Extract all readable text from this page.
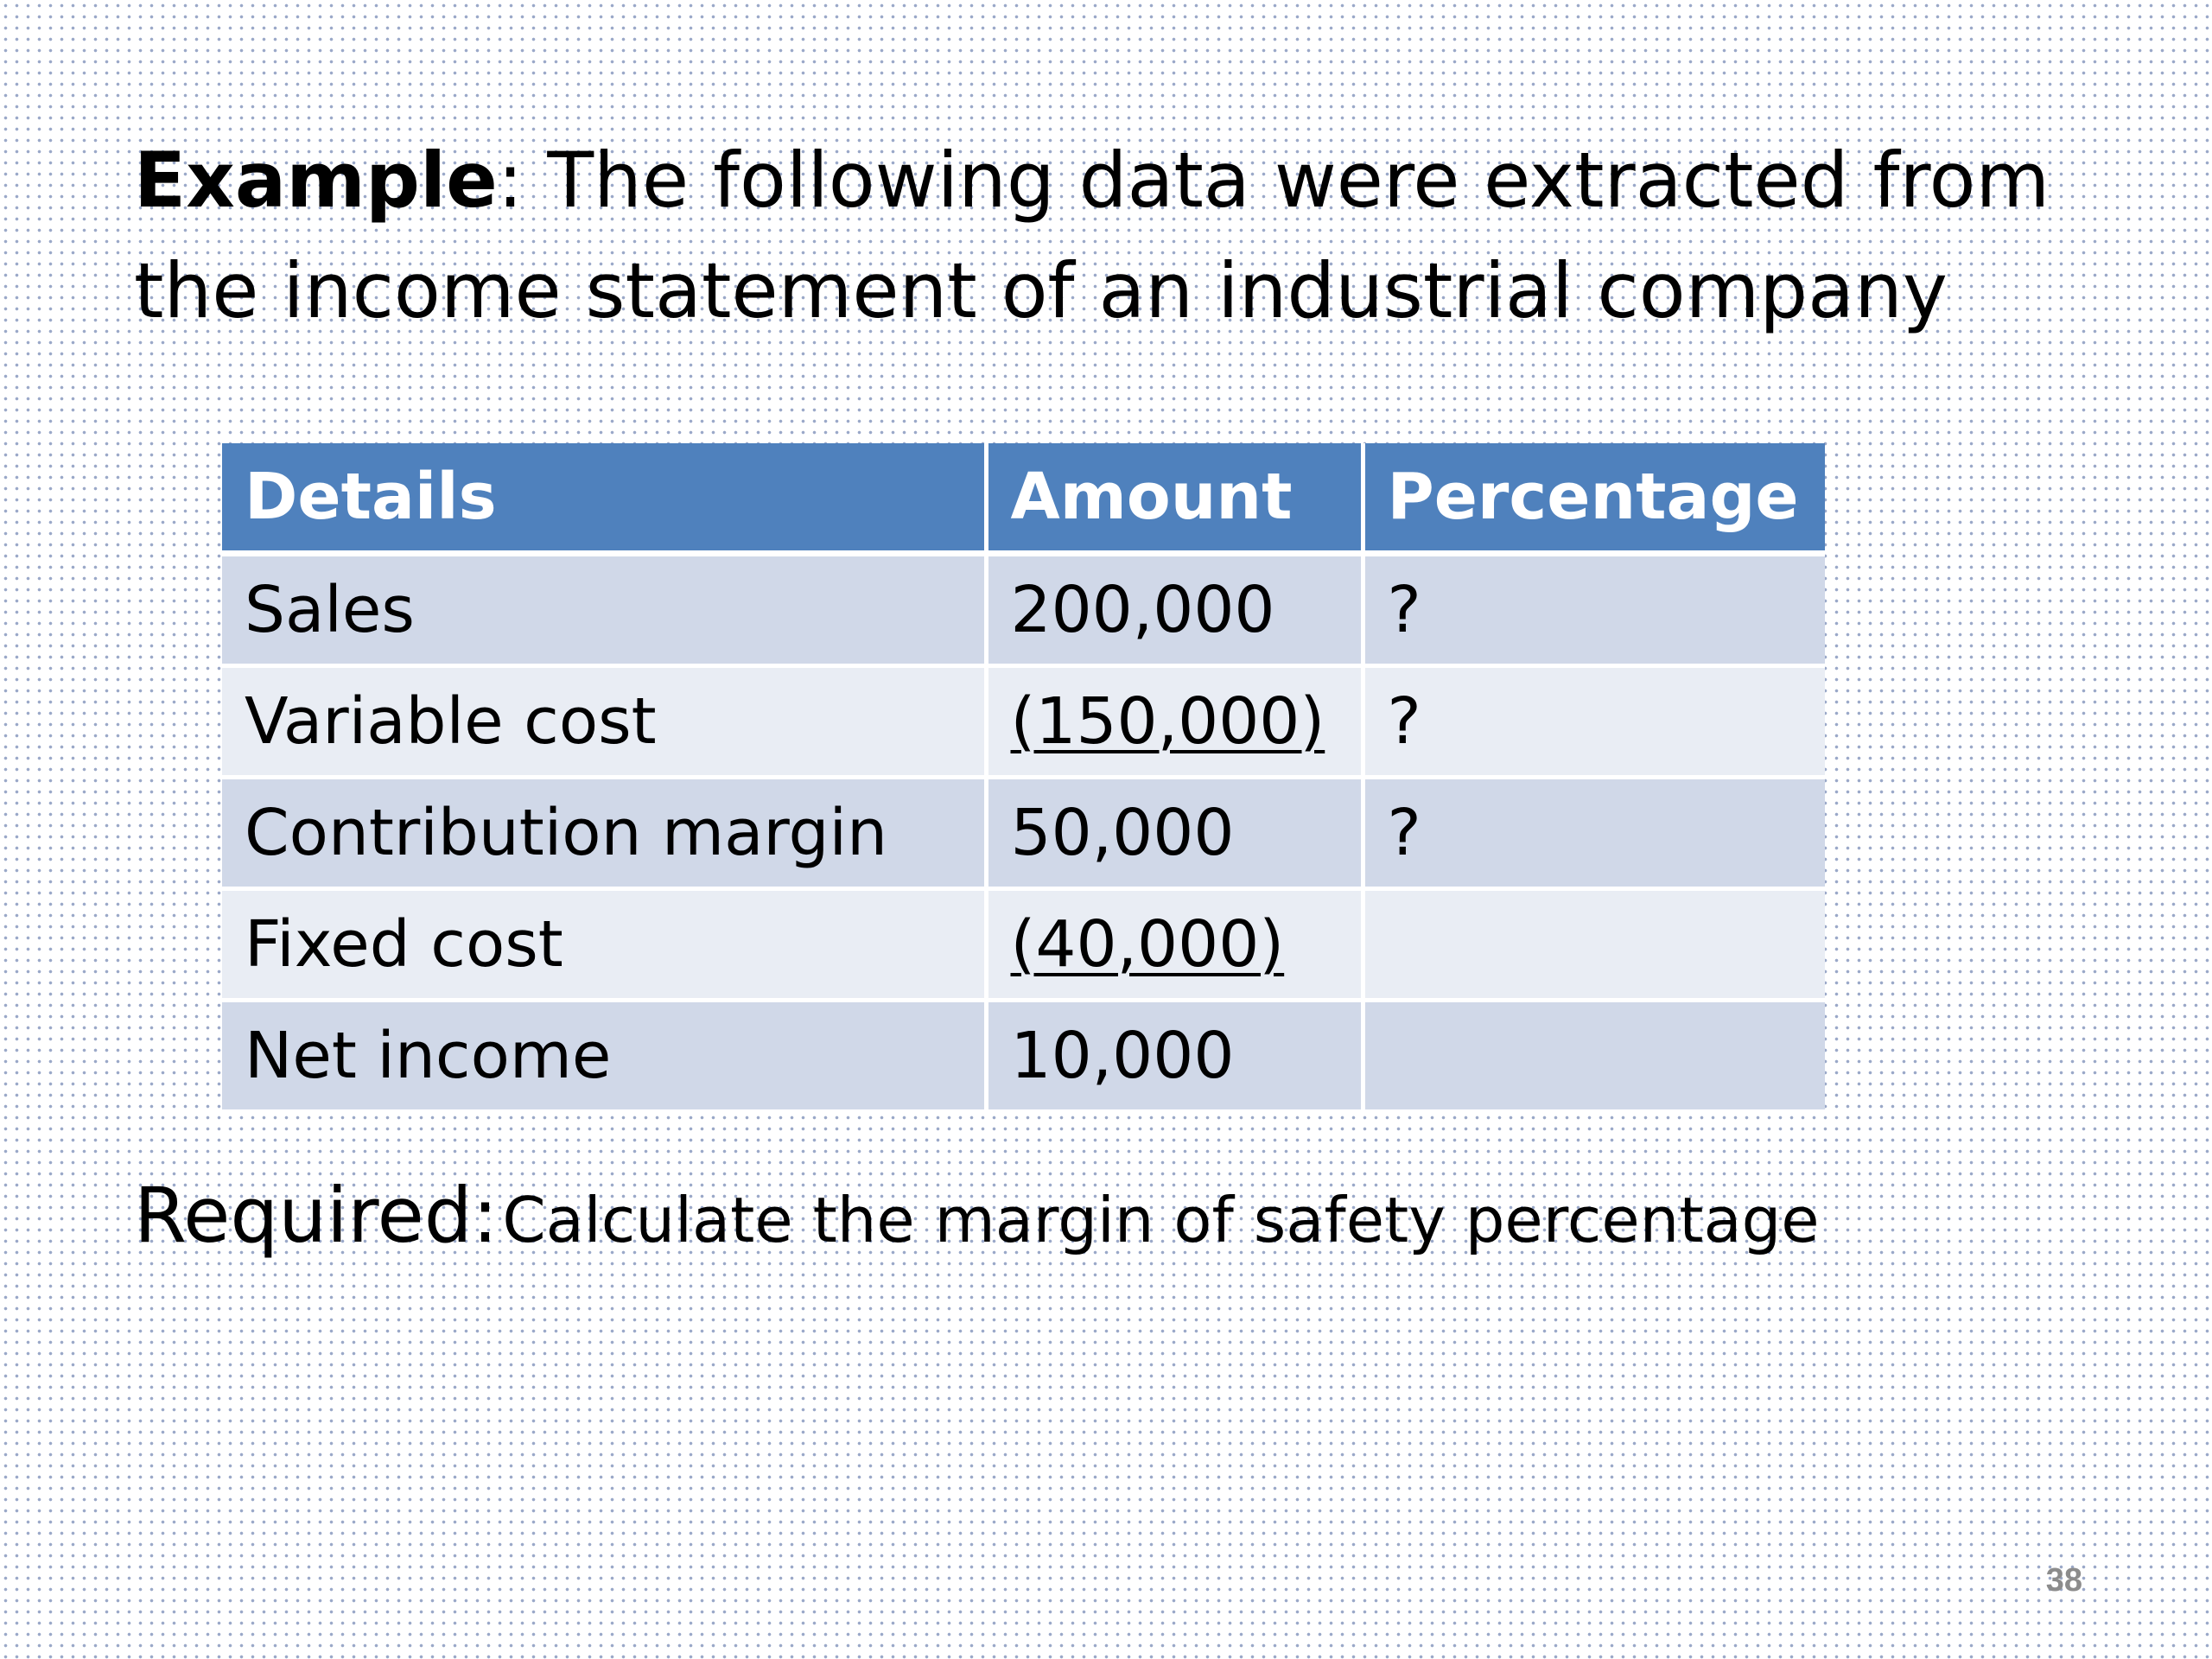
Example: The following data were extracted from the income statement of an industrial company
Details	Amount	Percentage
Sales	200,000	?
Variable cost	(150,000)	?
Contribution margin	50,000	?
Fixed cost	(40,000)	
Net income	10,000	

Required: Calculate the margin of safety percentage

38
